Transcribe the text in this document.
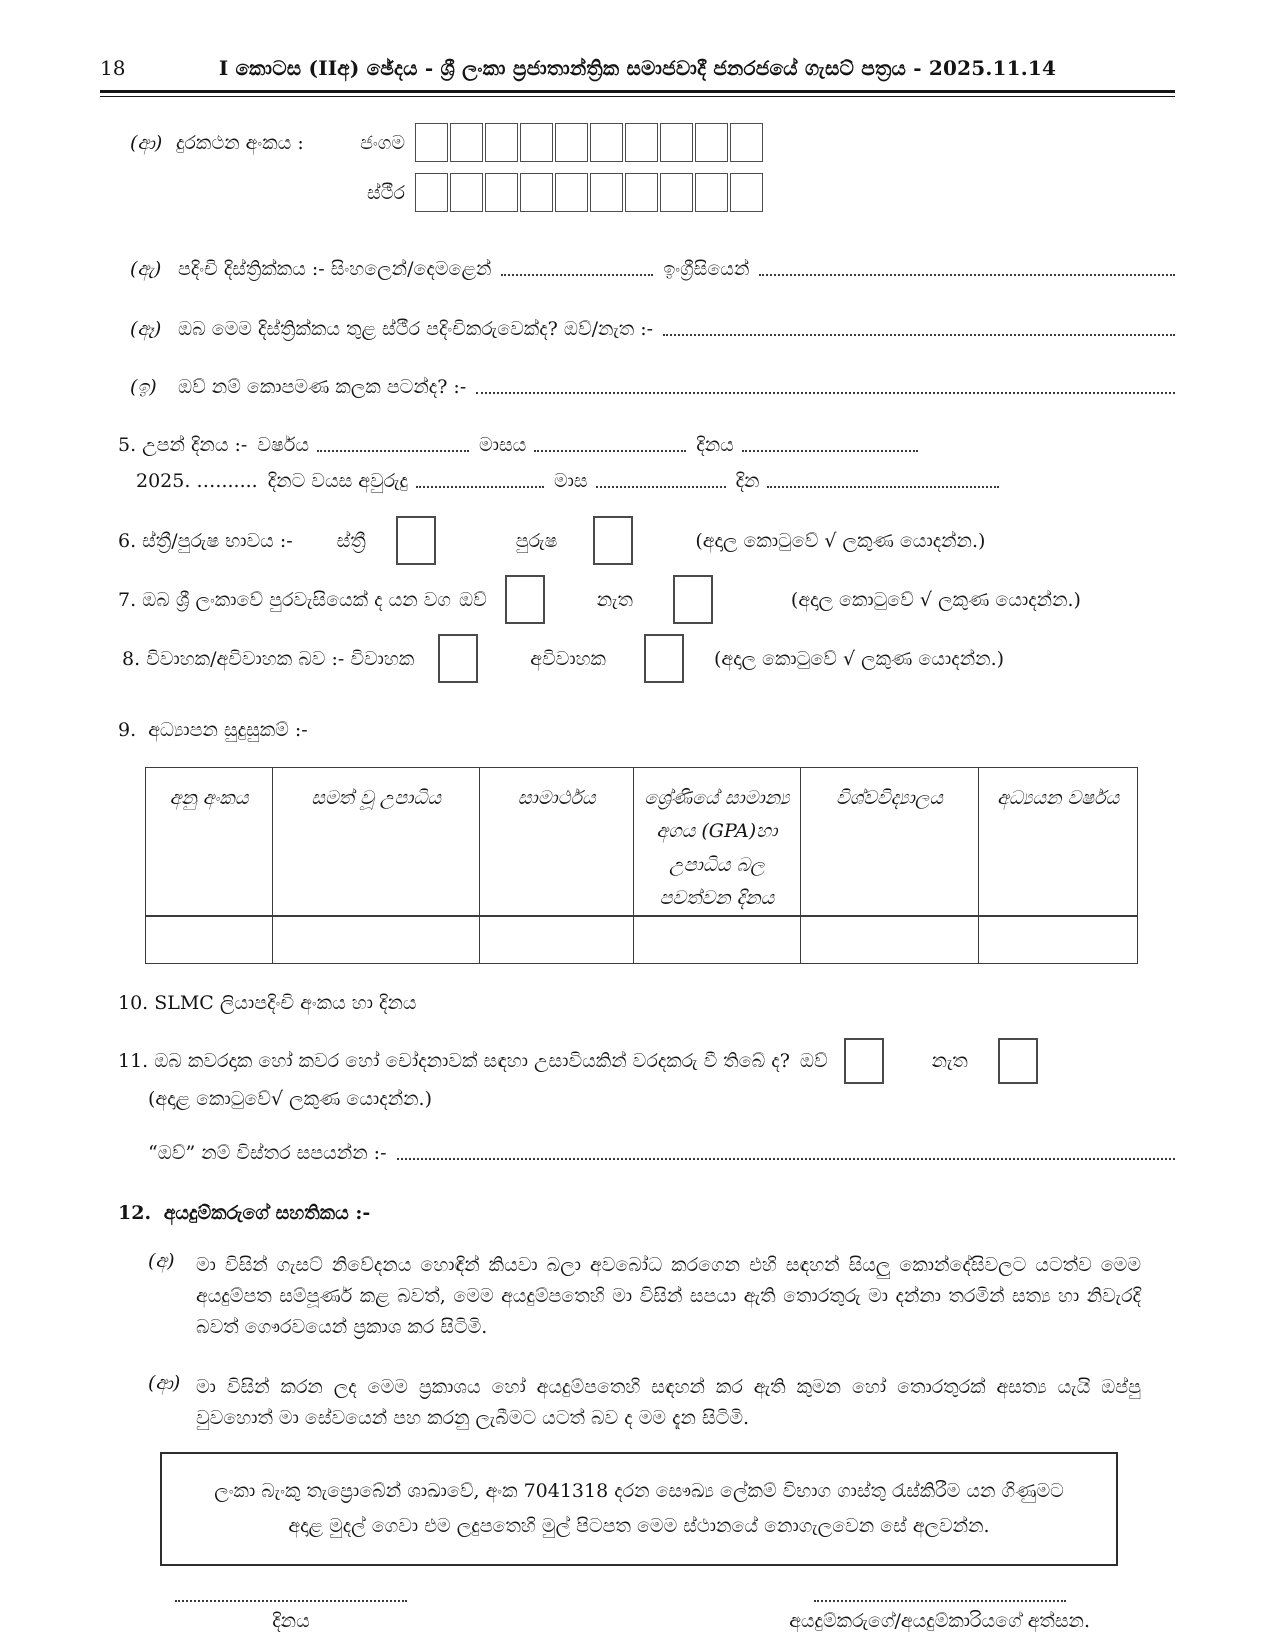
18	I කොටස (IIඅ) ඡේදය - ශ්‍රී ලංකා ප්‍රජාතාන්ත්‍රික සමාජවාදී ජනරජයේ ගැසට් පත්‍රය - 2025.11.14
(ආ) දුරකථන අංකය :	ජංගම
ස්ථීර
(ඇ) පදිංචි දිස්ත්‍රික්කය :- සිංහලෙන්/දෙමළෙන්	ඉංග්‍රීසියෙන්
(ඈ) ඔබ මෙම දිස්ත්‍රික්කය තුළ ස්ථීර පදිංචිකරුවෙක්ද? ඔව්/නැත :-
(ඉ)	ඔව් නම් කොපමණ කලක පටන්ද? :-
5. උපන් දිනය :- වර්ෂය	මාසය	දිනය
2025. …....... දිනට වයස අවුරුදු	මාස	දින
6. ස්ත්‍රී/පුරුෂ භාවය :- ස්ත්‍රී	පුරුෂ	(අදාල කොටුවේ √ ලකුණ යොදන්න.)
7. ඔබ ශ්‍රී ලංකාවේ පුරවැසියෙක් ද යන වග ඔව්	නැත	(අදාල කොටුවේ √ ලකුණ යොදන්න.)
8. විවාහක/අවිවාහක බව :- විවාහක	අවිවාහක	(අදාල කොටුවේ √ ලකුණ යොදන්න.)
9. අධ්‍යාපන සුදුසුකම් :-
අනු අංකය	සමත් වූ උපාධිය	සාමාර්ථය	ශ්‍රේණියේ සාමාන්‍ය අගය (GPA)හා උපාධිය බල පවත්වන දිනය	විශ්වවිද්‍යාලය	අධ්‍යයන වර්ෂය

10. SLMC ලියාපදිංචි අංකය හා දිනය
11. ඔබ කවරදාක හෝ කවර හෝ චෝදනාවක් සඳහා උසාවියකින් වරදකරු වී තිබේ ද? ඔව්	නැත
(අදාළ කොටුවේ√ ලකුණ යොදන්න.)
“ඔව්” නම් විස්තර සපයන්න :-
12. අයදුම්කරුගේ සහතිකය :-
(අ)	මා විසින් ගැසට් නිවේදනය හොඳින් කියවා බලා අවබෝධ කරගෙන එහි සඳහන් සියලු කොන්දේසිවලට යටත්ව මෙම අයදුම්පත සම්පූර්ණ කළ බවත්, මෙම අයදුම්පතෙහි මා විසින් සපයා ඇති තොරතුරු මා දන්නා තරමින් සත්‍ය හා නිවැරදි බවත් ගෞරවයෙන් ප්‍රකාශ කර සිටිමි.
(ආ) මා විසින් කරන ලද මෙම ප්‍රකාශය හෝ අයදුම්පතෙහි සඳහන් කර ඇති කුමන හෝ තොරතුරක් අසත්‍ය යැයි ඔප්පු වුවහොත් මා සේවයෙන් පහ කරනු ලැබීමට යටත් බව ද මම දැන සිටිමි.
ලංකා බැංකු තැප්‍රොබේන් ශාඛාවේ, අංක 7041318 දරන සෞඛ්‍ය ලේකම් විභාග ගාස්තු රැස්කිරීම යන ගිණුමට අදාළ මුදල් ගෙවා එම ලදුපතෙහි මුල් පිටපත මෙම ස්ථානයේ නොගැලවෙන සේ අලවන්න.
දිනය	අයදුම්කරුගේ/අයදුම්කාරියගේ අත්සන.
